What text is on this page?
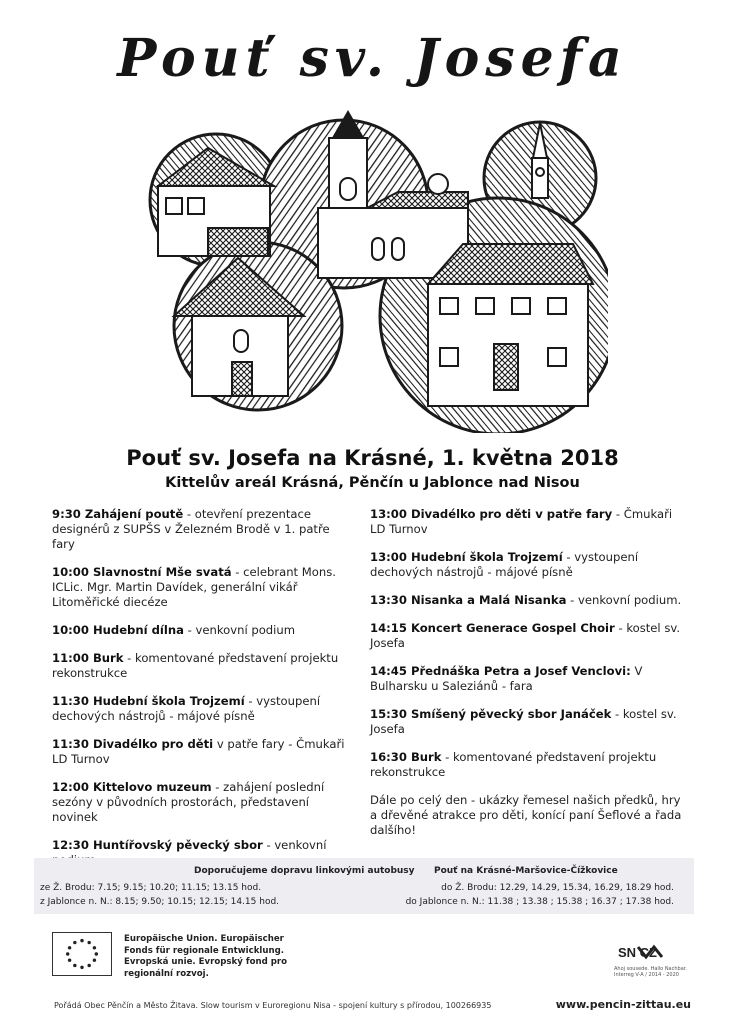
Pouť sv. Josefa
Pouť sv. Josefa na Krásné, 1. května 2018
Kittelův areál Krásná, Pěnčín u Jablonce nad Nisou
9:30 Zahájení poutě - otevření prezentace designérů z SUPŠS v Železném Brodě v 1. patře fary
10:00 Slavnostní Mše svatá - celebrant Mons. ICLic. Mgr. Martin Davídek, generální vikář Litoměřické diecéze
10:00 Hudební dílna - venkovní podium
11:00 Burk - komentované představení projektu rekonstrukce
11:30 Hudební škola Trojzemí - vystoupení dechových nástrojů - májové písně
11:30 Divadélko pro děti v patře fary - Čmukaři LD Turnov
12:00 Kittelovo muzeum - zahájení poslední sezóny v původních prostorách, představení novinek
12:30 Huntířovský pěvecký sbor - venkovní
13:00 Divadélko pro děti v patře fary - Čmukaři LD Turnov
13:00 Hudební škola Trojzemí - vystoupení dechových nástrojů - májové písně
13:30 Nisanka a Malá Nisanka - venkovní podium.
14:15 Koncert Generace Gospel Choir - kostel sv. Josefa
14:45 Přednáška Petra a Josef Venclovi: V Bulharsku u Saleziánů - fara
15:30 Smíšený pěvecký sbor Janáček - kostel sv. Josefa
16:30 Burk - komentované představení projektu rekonstrukce
Dále po celý den - ukázky řemesel našich předků, hry a dřevěné atrakce pro děti, konící paní Šeflové a řada dalšího!
Doporučujeme dopravu linkovými autobusy Pouť na Krásné-Maršovice-Čížkovice
ze Ž. Brodu: 7.15; 9.15; 10.20; 11.15; 13.15 hod.	do Ž. Brodu: 12.29, 14.29, 15.34, 16.29, 18.29 hod.
z Jablonce n. N.: 8.15; 9.50; 10.15; 12.15; 14.15 hod.	do Jablonce n. N.: 11.38 ; 13.38 ; 15.38 ; 16.37 ; 17.38 hod.
Europäische Union. Europäischer
Fonds für regionale Entwicklung.
Evropská unie. Evropský fond pro
regionální rozvoj.
SN CZ
Ahoj sousede. Hallo Nachbar. Interreg V-A / 2014 - 2020
Pořádá Obec Pěnčín a Město Žitava. Slow tourism v Euroregionu Nisa - spojení kultury s přírodou, 100266935	www.pencin-zittau.eu
